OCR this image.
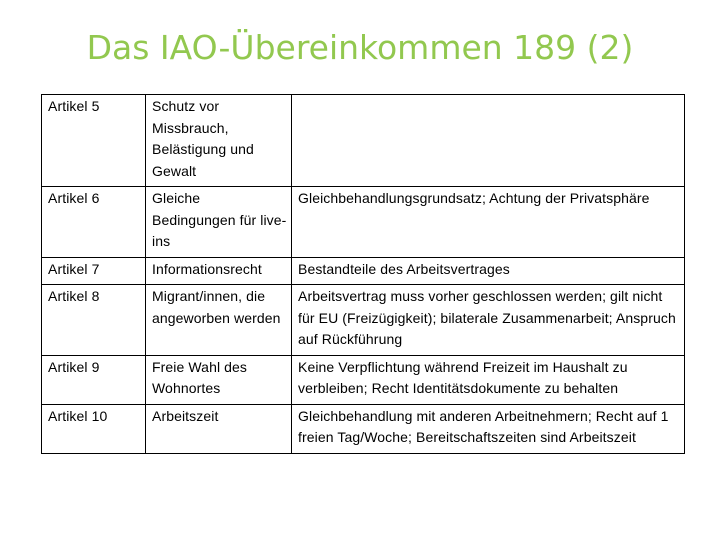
Das IAO-Übereinkommen 189 (2)
Artikel 5	Schutz vor Missbrauch, Belästigung und Gewalt	
Artikel 6	Gleiche Bedingungen für live-ins	Gleichbehandlungsgrundsatz; Achtung der Privatsphäre
Artikel 7	Informationsrecht	Bestandteile des Arbeitsvertrages
Artikel 8	Migrant/innen, die angeworben werden	Arbeitsvertrag muss vorher geschlossen werden; gilt nicht für EU (Freizügigkeit); bilaterale Zusammenarbeit; Anspruch auf Rückführung
Artikel 9	Freie Wahl des Wohnortes	Keine Verpflichtung während Freizeit im Haushalt zu verbleiben; Recht Identitätsdokumente zu behalten
Artikel 10	Arbeitszeit	Gleichbehandlung mit anderen Arbeitnehmern; Recht auf 1 freien Tag/Woche; Bereitschaftszeiten sind Arbeitszeit
